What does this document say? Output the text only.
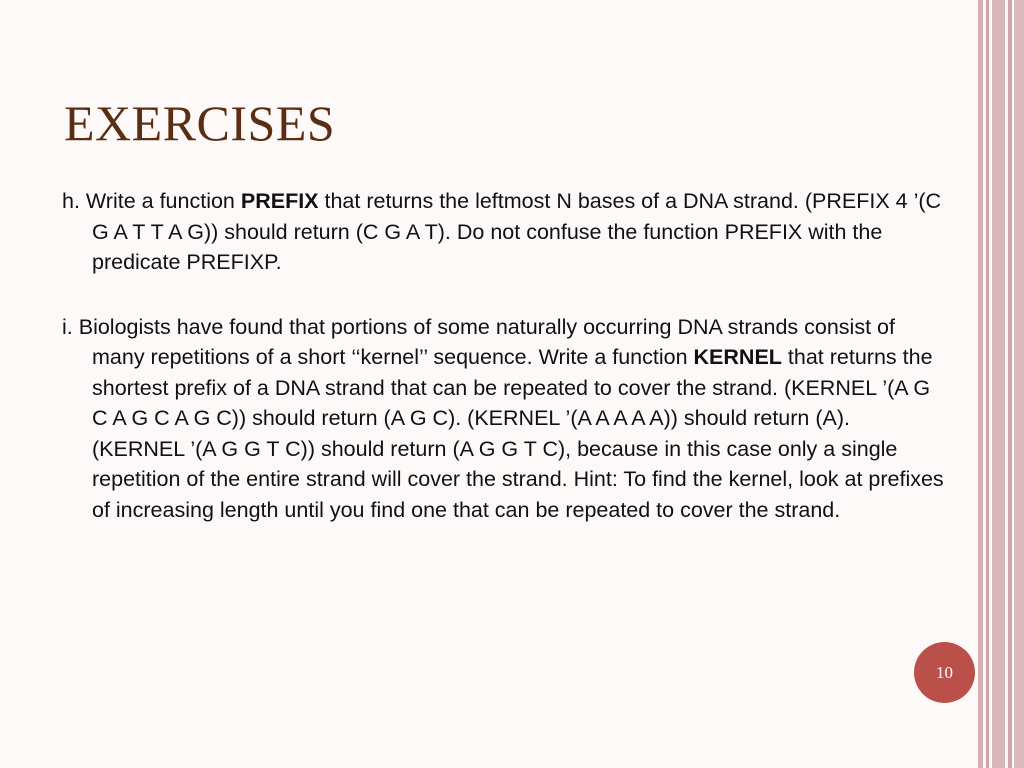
EXERCISES

h. Write a function PREFIX that returns the leftmost N bases of a DNA strand. (PREFIX 4 ’(C G A T T A G)) should return (C G A T). Do not confuse the function PREFIX with the predicate PREFIXP.

i. Biologists have found that portions of some naturally occurring DNA strands consist of many repetitions of a short ‘‘kernel’’ sequence. Write a function KERNEL that returns the shortest prefix of a DNA strand that can be repeated to cover the strand. (KERNEL ’(A G C A G C A G C)) should return (A G C). (KERNEL ’(A A A A A)) should return (A). (KERNEL ’(A G G T C)) should return (A G G T C), because in this case only a single repetition of the entire strand will cover the strand. Hint: To find the kernel, look at prefixes of increasing length until you find one that can be repeated to cover the strand.

10
